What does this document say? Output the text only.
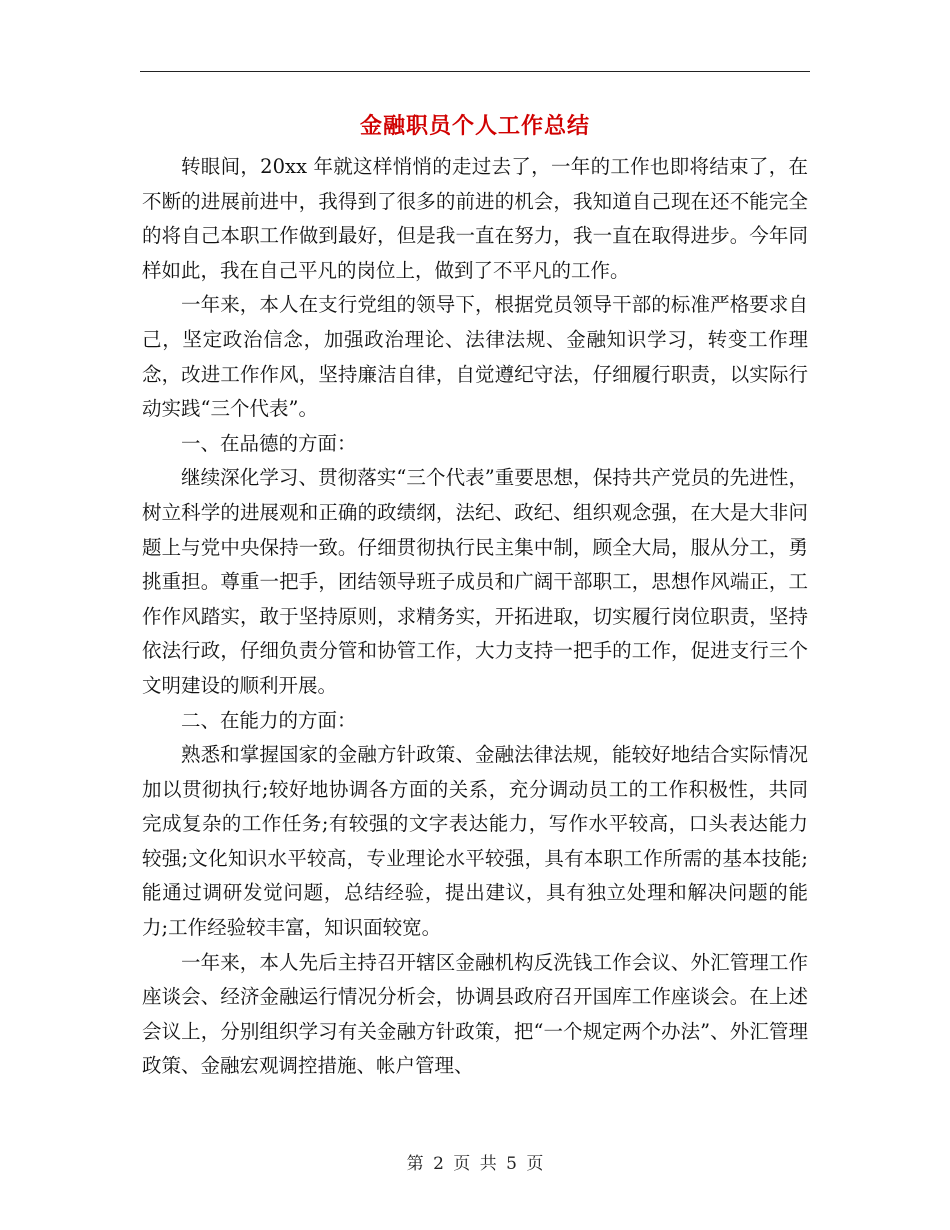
金融职员个人工作总结

转眼间，20xx 年就这样悄悄的走过去了，一年的工作也即将结束了，在不断的进展前进中，我得到了很多的前进的机会，我知道自己现在还不能完全的将自己本职工作做到最好，但是我一直在努力，我一直在取得进步。今年同样如此，我在自己平凡的岗位上，做到了不平凡的工作。

一年来，本人在支行党组的领导下，根据党员领导干部的标准严格要求自己，坚定政治信念，加强政治理论、法律法规、金融知识学习，转变工作理念，改进工作作风，坚持廉洁自律，自觉遵纪守法，仔细履行职责，以实际行动实践“三个代表”。

一、在品德的方面：

继续深化学习、贯彻落实“三个代表”重要思想，保持共产党员的先进性，树立科学的进展观和正确的政绩纲，法纪、政纪、组织观念强，在大是大非问题上与党中央保持一致。仔细贯彻执行民主集中制，顾全大局，服从分工，勇挑重担。尊重一把手，团结领导班子成员和广阔干部职工，思想作风端正，工作作风踏实，敢于坚持原则，求精务实，开拓进取，切实履行岗位职责，坚持依法行政，仔细负责分管和协管工作，大力支持一把手的工作，促进支行三个文明建设的顺利开展。

二、在能力的方面：

熟悉和掌握国家的金融方针政策、金融法律法规，能较好地结合实际情况加以贯彻执行;较好地协调各方面的关系，充分调动员工的工作积极性，共同完成复杂的工作任务;有较强的文字表达能力，写作水平较高，口头表达能力较强;文化知识水平较高，专业理论水平较强，具有本职工作所需的基本技能;能通过调研发觉问题，总结经验，提出建议，具有独立处理和解决问题的能力;工作经验较丰富，知识面较宽。

一年来，本人先后主持召开辖区金融机构反洗钱工作会议、外汇管理工作座谈会、经济金融运行情况分析会，协调县政府召开国库工作座谈会。在上述会议上，分别组织学习有关金融方针政策，把“一个规定两个办法”、外汇管理政策、金融宏观调控措施、帐户管理、

第 2 页 共 5 页
